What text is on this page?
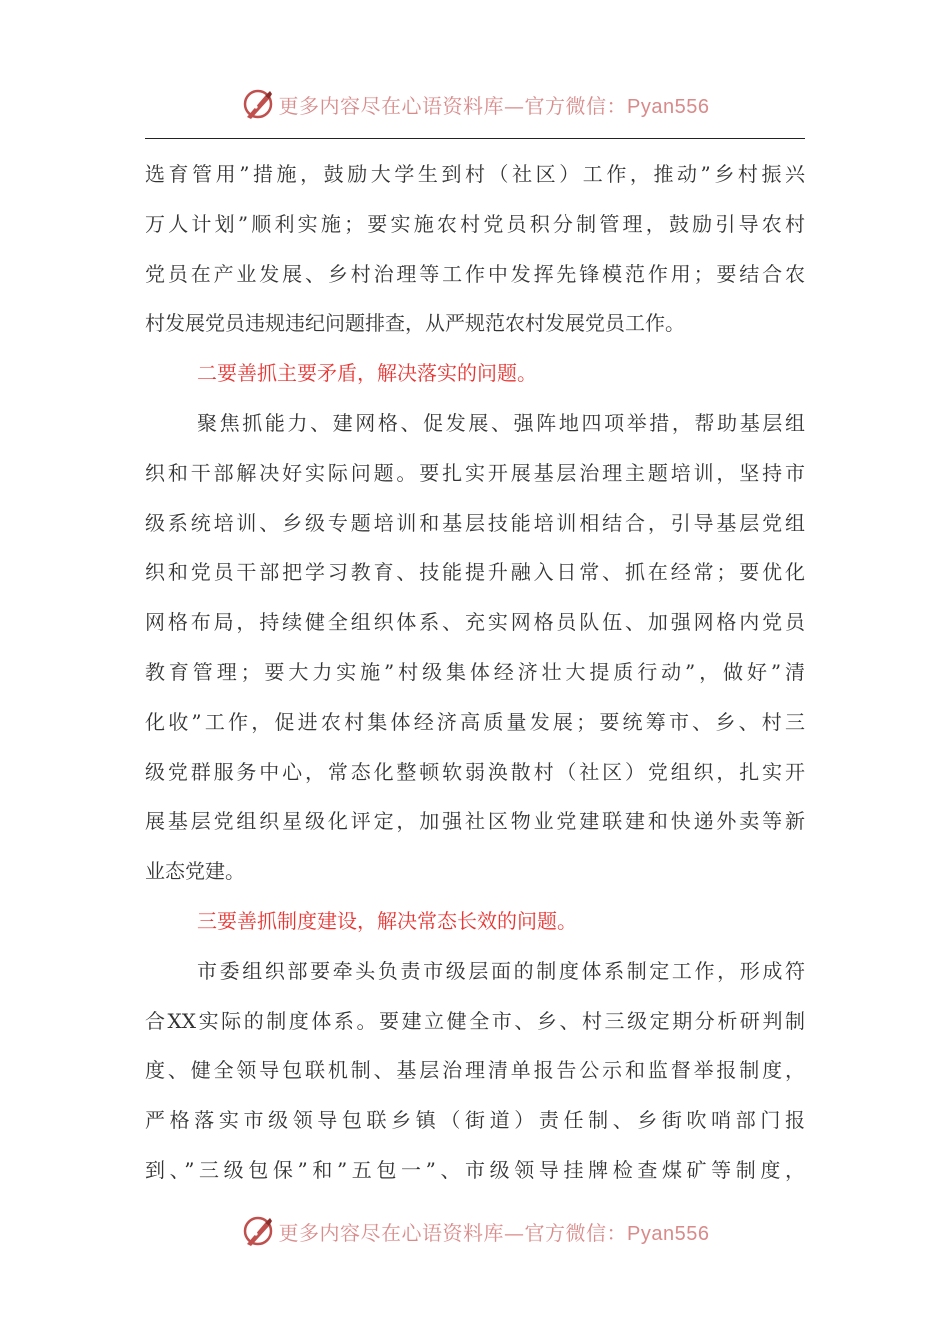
更多内容尽在心语资料库—官方微信：Pyan556
选育管用”措施，鼓励大学生到村（社区）工作，推动”乡村振兴
万人计划”顺利实施；要实施农村党员积分制管理，鼓励引导农村
党员在产业发展、乡村治理等工作中发挥先锋模范作用；要结合农
村发展党员违规违纪问题排查，从严规范农村发展党员工作。
二要善抓主要矛盾，解决落实的问题。
聚焦抓能力、建网格、促发展、强阵地四项举措，帮助基层组
织和干部解决好实际问题。要扎实开展基层治理主题培训，坚持市
级系统培训、乡级专题培训和基层技能培训相结合，引导基层党组
织和党员干部把学习教育、技能提升融入日常、抓在经常；要优化
网格布局，持续健全组织体系、充实网格员队伍、加强网格内党员
教育管理；要大力实施”村级集体经济壮大提质行动”，做好”清
化收”工作，促进农村集体经济高质量发展；要统筹市、乡、村三
级党群服务中心，常态化整顿软弱涣散村（社区）党组织，扎实开
展基层党组织星级化评定，加强社区物业党建联建和快递外卖等新
业态党建。
三要善抓制度建设，解决常态长效的问题。
市委组织部要牵头负责市级层面的制度体系制定工作，形成符
合XX实际的制度体系。要建立健全市、乡、村三级定期分析研判制
度、健全领导包联机制、基层治理清单报告公示和监督举报制度，
严格落实市级领导包联乡镇（街道）责任制、乡街吹哨部门报
到、”三级包保”和”五包一”、市级领导挂牌检查煤矿等制度，
更多内容尽在心语资料库—官方微信：Pyan556
